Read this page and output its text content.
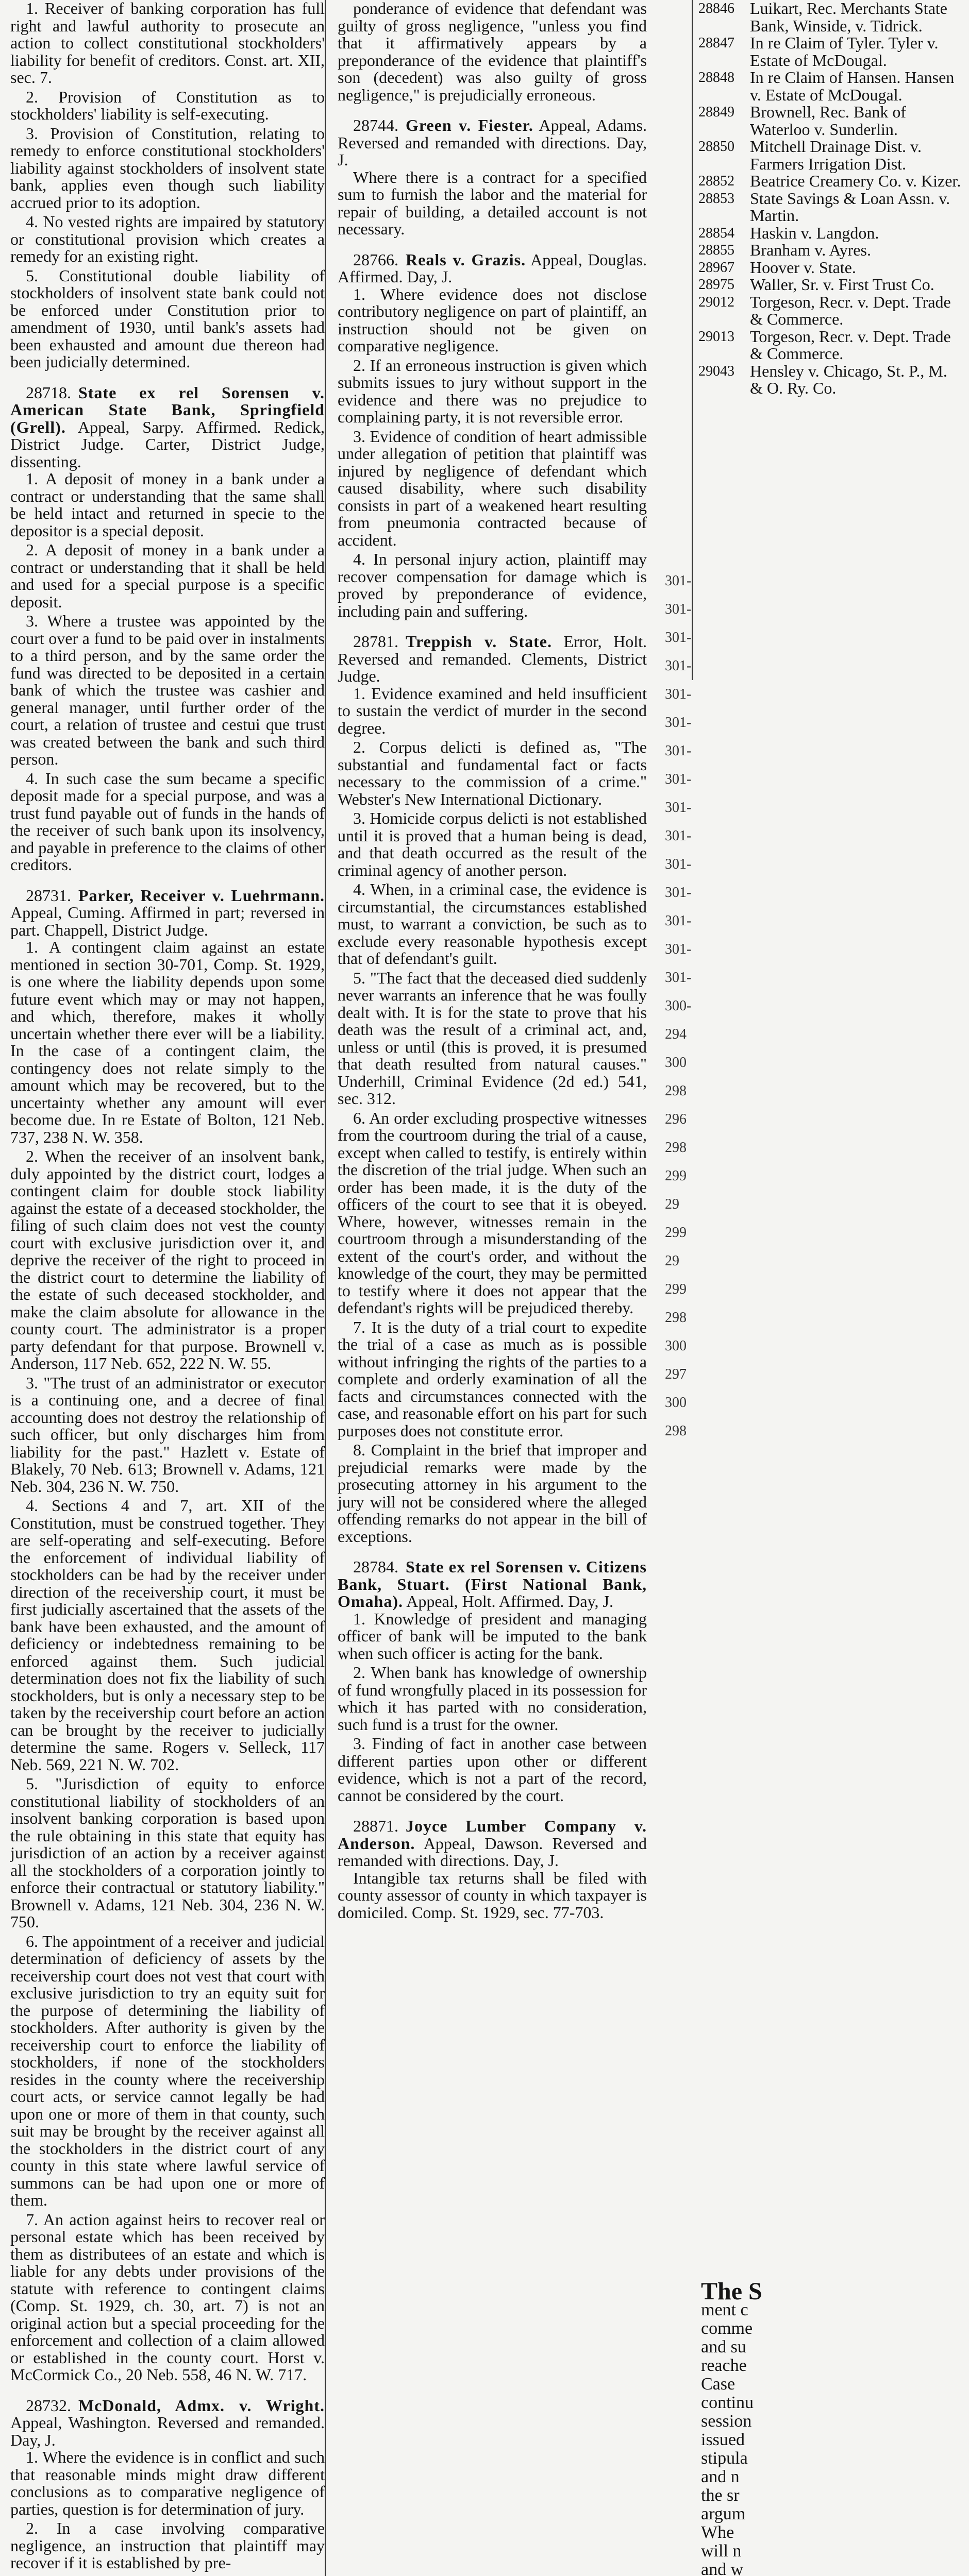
1. Receiver of banking corporation has full right and lawful authority to prosecute an action to collect constitutional stockholders' liability for benefit of creditors. Const. art. XII, sec. 7.

2. Provision of Constitution as to stockholders' liability is self-executing.

3. Provision of Constitution, relating to remedy to enforce constitutional stockholders' liability against stockholders of insolvent state bank, applies even though such liability accrued prior to its adoption.

4. No vested rights are impaired by statutory or constitutional provision which creates a remedy for an existing right.

5. Constitutional double liability of stockholders of insolvent state bank could not be enforced under Constitution prior to amendment of 1930, until bank's assets had been exhausted and amount due thereon had been judicially determined.

28718. State ex rel Sorensen v. American State Bank, Springfield (Grell). Appeal, Sarpy. Affirmed. Redick, District Judge. Carter, District Judge, dissenting.

1. A deposit of money in a bank under a contract or understanding that the same shall be held intact and returned in specie to the depositor is a special deposit.

2. A deposit of money in a bank under a contract or understanding that it shall be held and used for a special purpose is a specific deposit.

3. Where a trustee was appointed by the court over a fund to be paid over in instalments to a third person, and by the same order the fund was directed to be deposited in a certain bank of which the trustee was cashier and general manager, until further order of the court, a relation of trustee and cestui que trust was created between the bank and such third person.

4. In such case the sum became a specific deposit made for a special purpose, and was a trust fund payable out of funds in the hands of the receiver of such bank upon its insolvency, and payable in preference to the claims of other creditors.

28731. Parker, Receiver v. Luehrmann. Appeal, Cuming. Affirmed in part; reversed in part. Chappell, District Judge.

1. A contingent claim against an estate mentioned in section 30-701, Comp. St. 1929, is one where the liability depends upon some future event which may or may not happen, and which, therefore, makes it wholly uncertain whether there ever will be a liability. In the case of a contingent claim, the contingency does not relate simply to the amount which may be recovered, but to the uncertainty whether any amount will ever become due. In re Estate of Bolton, 121 Neb. 737, 238 N. W. 358.

2. When the receiver of an insolvent bank, duly appointed by the district court, lodges a contingent claim for double stock liability against the estate of a deceased stockholder, the filing of such claim does not vest the county court with exclusive jurisdiction over it, and deprive the receiver of the right to proceed in the district court to determine the liability of the estate of such deceased stockholder, and make the claim absolute for allowance in the county court. The administrator is a proper party defendant for that purpose. Brownell v. Anderson, 117 Neb. 652, 222 N. W. 55.

3. "The trust of an administrator or executor is a continuing one, and a decree of final accounting does not destroy the relationship of such officer, but only discharges him from liability for the past." Hazlett v. Estate of Blakely, 70 Neb. 613; Brownell v. Adams, 121 Neb. 304, 236 N. W. 750.

4. Sections 4 and 7, art. XII of the Constitution, must be construed together. They are self-operating and self-executing. Before the enforcement of individual liability of stockholders can be had by the receiver under direction of the receivership court, it must be first judicially ascertained that the assets of the bank have been exhausted, and the amount of deficiency or indebtedness remaining to be enforced against them. Such judicial determination does not fix the liability of such stockholders, but is only a necessary step to be taken by the receivership court before an action can be brought by the receiver to judicially determine the same. Rogers v. Selleck, 117 Neb. 569, 221 N. W. 702.

5. "Jurisdiction of equity to enforce constitutional liability of stockholders of an insolvent banking corporation is based upon the rule obtaining in this state that equity has jurisdiction of an action by a receiver against all the stockholders of a corporation jointly to enforce their contractual or statutory liability." Brownell v. Adams, 121 Neb. 304, 236 N. W. 750.

6. The appointment of a receiver and judicial determination of deficiency of assets by the receivership court does not vest that court with exclusive jurisdiction to try an equity suit for the purpose of determining the liability of stockholders. After authority is given by the receivership court to enforce the liability of stockholders, if none of the stockholders resides in the county where the receivership court acts, or service cannot legally be had upon one or more of them in that county, such suit may be brought by the receiver against all the stockholders in the district court of any county in this state where lawful service of summons can be had upon one or more of them.

7. An action against heirs to recover real or personal estate which has been received by them as distributees of an estate and which is liable for any debts under provisions of the statute with reference to contingent claims (Comp. St. 1929, ch. 30, art. 7) is not an original action but a special proceeding for the enforcement and collection of a claim allowed or established in the county court. Horst v. McCormick Co., 20 Neb. 558, 46 N. W. 717.

28732. McDonald, Admx. v. Wright. Appeal, Washington. Reversed and remanded. Day, J.

1. Where the evidence is in conflict and such that reasonable minds might draw different conclusions as to comparative negligence of parties, question is for determination of jury.

2. In a case involving comparative negligence, an instruction that plaintiff may recover if it is established by pre-

ponderance of evidence that defendant was guilty of gross negligence, "unless you find that it affirmatively appears by a preponderance of the evidence that plaintiff's son (decedent) was also guilty of gross negligence," is prejudicially erroneous.

28744. Green v. Fiester. Appeal, Adams. Reversed and remanded with directions. Day, J.

Where there is a contract for a specified sum to furnish the labor and the material for repair of building, a detailed account is not necessary.

28766. Reals v. Grazis. Appeal, Douglas. Affirmed. Day, J.

1. Where evidence does not disclose contributory negligence on part of plaintiff, an instruction should not be given on comparative negligence.

2. If an erroneous instruction is given which submits issues to jury without support in the evidence and there was no prejudice to complaining party, it is not reversible error.

3. Evidence of condition of heart admissible under allegation of petition that plaintiff was injured by negligence of defendant which caused disability, where such disability consists in part of a weakened heart resulting from pneumonia contracted because of accident.

4. In personal injury action, plaintiff may recover compensation for damage which is proved by preponderance of evidence, including pain and suffering.

28781. Treppish v. State. Error, Holt. Reversed and remanded. Clements, District Judge.

1. Evidence examined and held insufficient to sustain the verdict of murder in the second degree.

2. Corpus delicti is defined as, "The substantial and fundamental fact or facts necessary to the commission of a crime." Webster's New International Dictionary.

3. Homicide corpus delicti is not established until it is proved that a human being is dead, and that death occurred as the result of the criminal agency of another person.

4. When, in a criminal case, the evidence is circumstantial, the circumstances established must, to warrant a conviction, be such as to exclude every reasonable hypothesis except that of defendant's guilt.

5. "The fact that the deceased died suddenly never warrants an inference that he was foully dealt with. It is for the state to prove that his death was the result of a criminal act, and, unless or until (this is proved, it is presumed that death resulted from natural causes." Underhill, Criminal Evidence (2d ed.) 541, sec. 312.

6. An order excluding prospective witnesses from the courtroom during the trial of a cause, except when called to testify, is entirely within the discretion of the trial judge. When such an order has been made, it is the duty of the officers of the court to see that it is obeyed. Where, however, witnesses remain in the courtroom through a misunderstanding of the extent of the court's order, and without the knowledge of the court, they may be permitted to testify where it does not appear that the defendant's rights will be prejudiced thereby.

7. It is the duty of a trial court to expedite the trial of a case as much as is possible without infringing the rights of the parties to a complete and orderly examination of all the facts and circumstances connected with the case, and reasonable effort on his part for such purposes does not constitute error.

8. Complaint in the brief that improper and prejudicial remarks were made by the prosecuting attorney in his argument to the jury will not be considered where the alleged offending remarks do not appear in the bill of exceptions.

28784. State ex rel Sorensen v. Citizens Bank, Stuart. (First National Bank, Omaha). Appeal, Holt. Affirmed. Day, J.

1. Knowledge of president and managing officer of bank will be imputed to the bank when such officer is acting for the bank.

2. When bank has knowledge of ownership of fund wrongfully placed in its possession for which it has parted with no consideration, such fund is a trust for the owner.

3. Finding of fact in another case between different parties upon other or different evidence, which is not a part of the record, cannot be considered by the court.

28871. Joyce Lumber Company v. Anderson. Appeal, Dawson. Reversed and remanded with directions. Day, J.

Intangible tax returns shall be filed with county assessor of county in which taxpayer is domiciled. Comp. St. 1929, sec. 77-703.

28846 Luikart, Rec. Merchants State Bank, Winside, v. Tidrick.
28847 In re Claim of Tyler. Tyler v. Estate of McDougal.
28848 In re Claim of Hansen. Hansen v. Estate of McDougal.
28849 Brownell, Rec. Bank of Waterloo v. Sunderlin.
28850 Mitchell Drainage Dist. v. Farmers Irrigation Dist.
28852 Beatrice Creamery Co. v. Kizer.
28853 State Savings & Loan Assn. v. Martin.
28854 Haskin v. Langdon.
28855 Branham v. Ayres.
28967 Hoover v. State.
28975 Waller, Sr. v. First Trust Co.
29012 Torgeson, Recr. v. Dept. Trade & Commerce.
29013 Torgeson, Recr. v. Dept. Trade & Commerce.
29043 Hensley v. Chicago, St. P., M. & O. Ry. Co.
301-
301-
301-
301-
301-
301-
301-
301-
301-
301-
301-
301-
301-
301-
301-
300-
294
300
298
296
298
299
29
299
29
299
298
300
297
300
298
The S
ment c
comme
and su
reache
Case
continu
session
issued
stipula
and n
the sr
argum
Whe
will n
and w
